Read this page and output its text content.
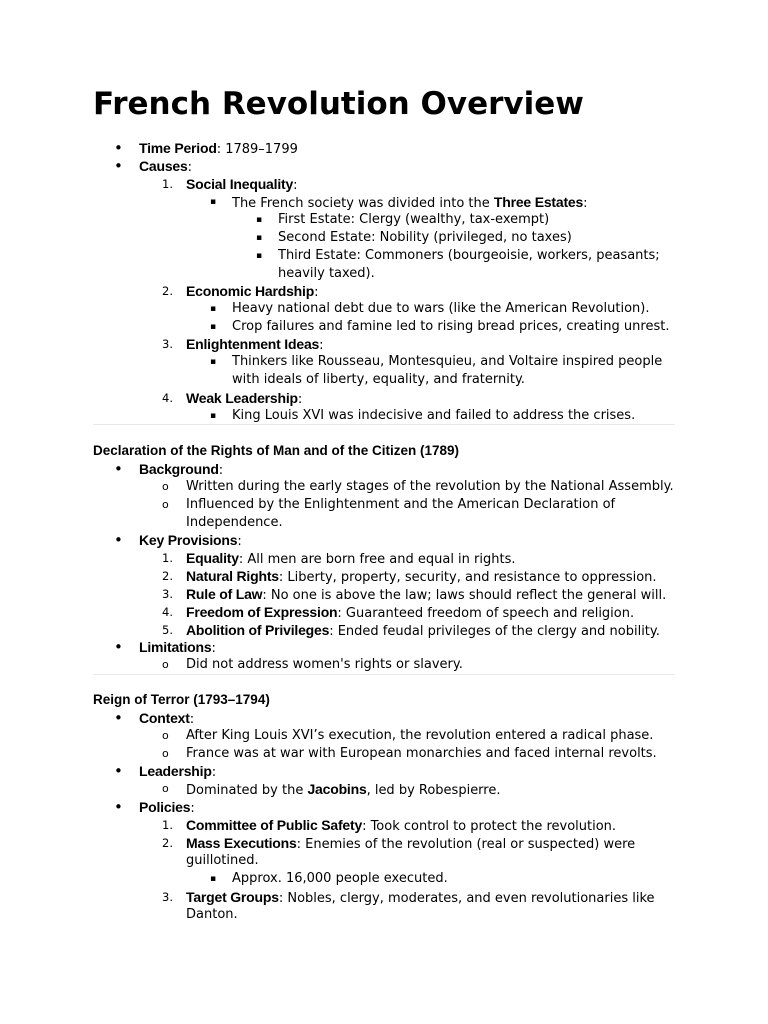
French Revolution Overview
• Time Period: 1789–1799
• Causes:
1. Social Inequality:
▪ The French society was divided into the Three Estates:
▪ First Estate: Clergy (wealthy, tax-exempt)
▪ Second Estate: Nobility (privileged, no taxes)
▪ Third Estate: Commoners (bourgeoisie, workers, peasants;
heavily taxed).
2. Economic Hardship:
▪ Heavy national debt due to wars (like the American Revolution).
▪ Crop failures and famine led to rising bread prices, creating unrest.
3. Enlightenment Ideas:
▪ Thinkers like Rousseau, Montesquieu, and Voltaire inspired people
with ideals of liberty, equality, and fraternity.
4. Weak Leadership:
▪ King Louis XVI was indecisive and failed to address the crises.
Declaration of the Rights of Man and of the Citizen (1789)
• Background:
o Written during the early stages of the revolution by the National Assembly.
o Influenced by the Enlightenment and the American Declaration of
Independence.
• Key Provisions:
1. Equality: All men are born free and equal in rights.
2. Natural Rights: Liberty, property, security, and resistance to oppression.
3. Rule of Law: No one is above the law; laws should reflect the general will.
4. Freedom of Expression: Guaranteed freedom of speech and religion.
5. Abolition of Privileges: Ended feudal privileges of the clergy and nobility.
• Limitations:
o Did not address women's rights or slavery.
Reign of Terror (1793–1794)
• Context:
o After King Louis XVI’s execution, the revolution entered a radical phase.
o France was at war with European monarchies and faced internal revolts.
• Leadership:
o Dominated by the Jacobins, led by Robespierre.
• Policies:
1. Committee of Public Safety: Took control to protect the revolution.
2. Mass Executions: Enemies of the revolution (real or suspected) were
guillotined.
▪ Approx. 16,000 people executed.
3. Target Groups: Nobles, clergy, moderates, and even revolutionaries like
Danton.
